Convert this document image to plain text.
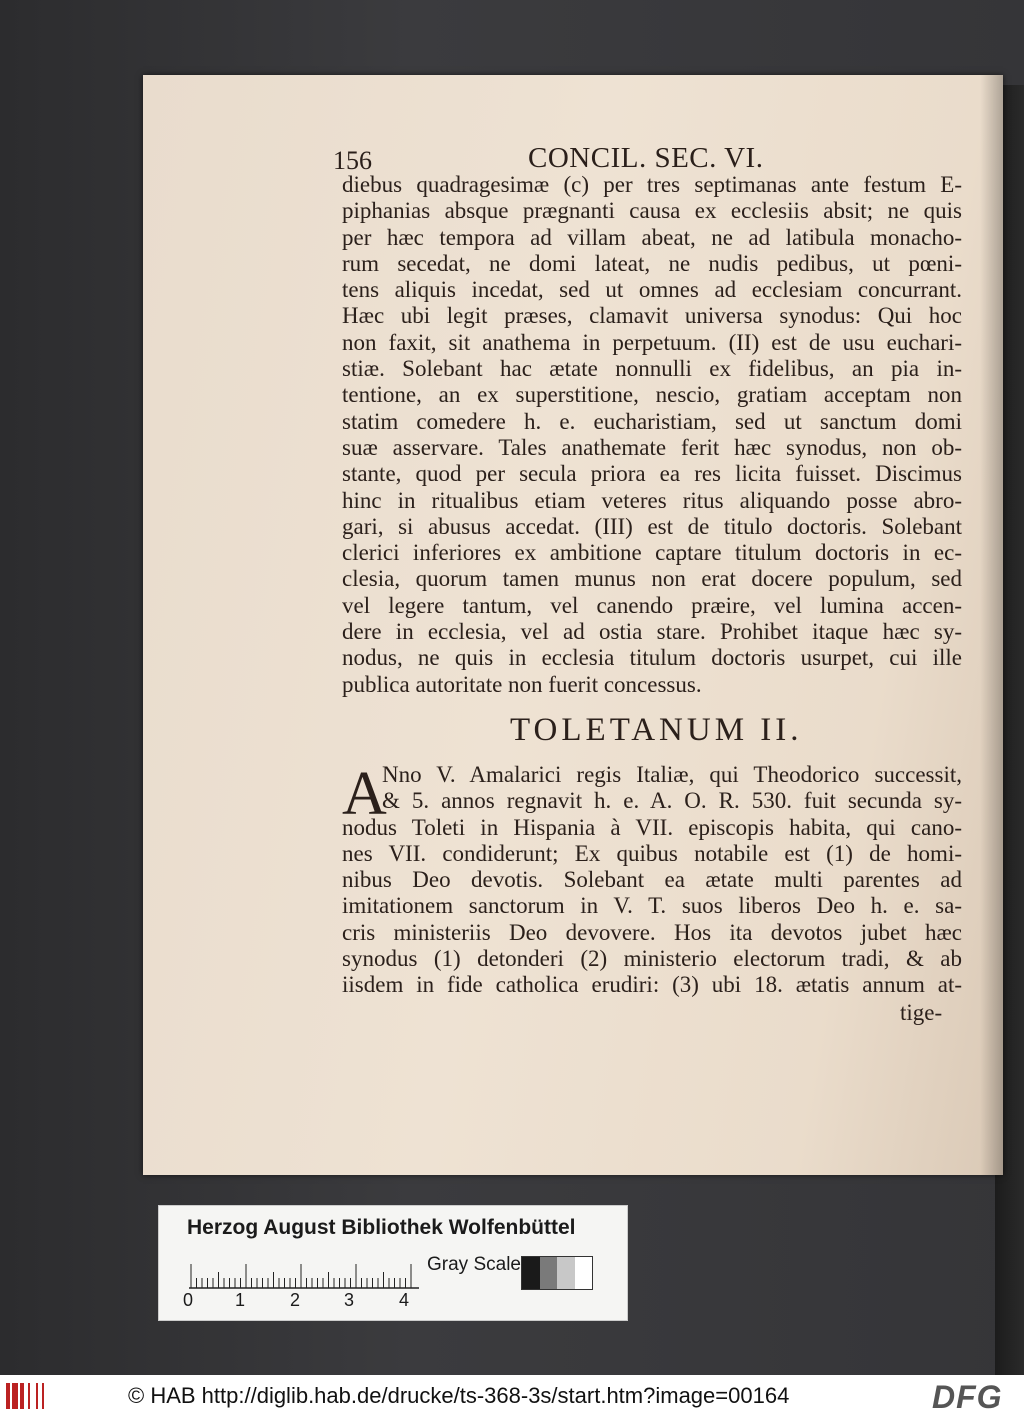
156	CONCIL. SEC. VI.
diebus quadragesimæ (c) per tres septimanas ante festum E-
piphanias absque prægnanti causa ex ecclesiis absit; ne quis
per hæc tempora ad villam abeat, ne ad latibula monacho-
rum secedat, ne domi lateat, ne nudis pedibus, ut pœni-
tens aliquis incedat, sed ut omnes ad ecclesiam concurrant.
Hæc ubi legit præses, clamavit universa synodus: Qui hoc
non faxit, sit anathema in perpetuum. (II) est de usu euchari-
stiæ. Solebant hac ætate nonnulli ex fidelibus, an pia in-
tentione, an ex superstitione, nescio, gratiam acceptam non
statim comedere h. e. eucharistiam, sed ut sanctum domi
suæ asservare. Tales anathemate ferit hæc synodus, non ob-
stante, quod per secula priora ea res licita fuisset. Discimus
hinc in ritualibus etiam veteres ritus aliquando posse abro-
gari, si abusus accedat. (III) est de titulo doctoris. Solebant
clerici inferiores ex ambitione captare titulum doctoris in ec-
clesia, quorum tamen munus non erat docere populum, sed
vel legere tantum, vel canendo præire, vel lumina accen-
dere in ecclesia, vel ad ostia stare. Prohibet itaque hæc sy-
nodus, ne quis in ecclesia titulum doctoris usurpet, cui ille
publica autoritate non fuerit concessus.
TOLETANUM II.
A
Nno V. Amalarici regis Italiæ, qui Theodorico successit,
& 5. annos regnavit h. e. A. O. R. 530. fuit secunda sy-
nodus Toleti in Hispania à VII. episcopis habita, qui cano-
nes VII. condiderunt; Ex quibus notabile est (1) de homi-
nibus Deo devotis. Solebant ea ætate multi parentes ad
imitationem sanctorum in V. T. suos liberos Deo h. e. sa-
cris ministeriis Deo devovere. Hos ita devotos jubet hæc
synodus (1) detonderi (2) ministerio electorum tradi, & ab
iisdem in fide catholica erudiri: (3) ubi 18. ætatis annum at-
tige-
Herzog August Bibliothek Wolfenbüttel
0 1 2 3 4
Gray Scale
© HAB http://diglib.hab.de/drucke/ts-368-3s/start.htm?image=00164	DFG
